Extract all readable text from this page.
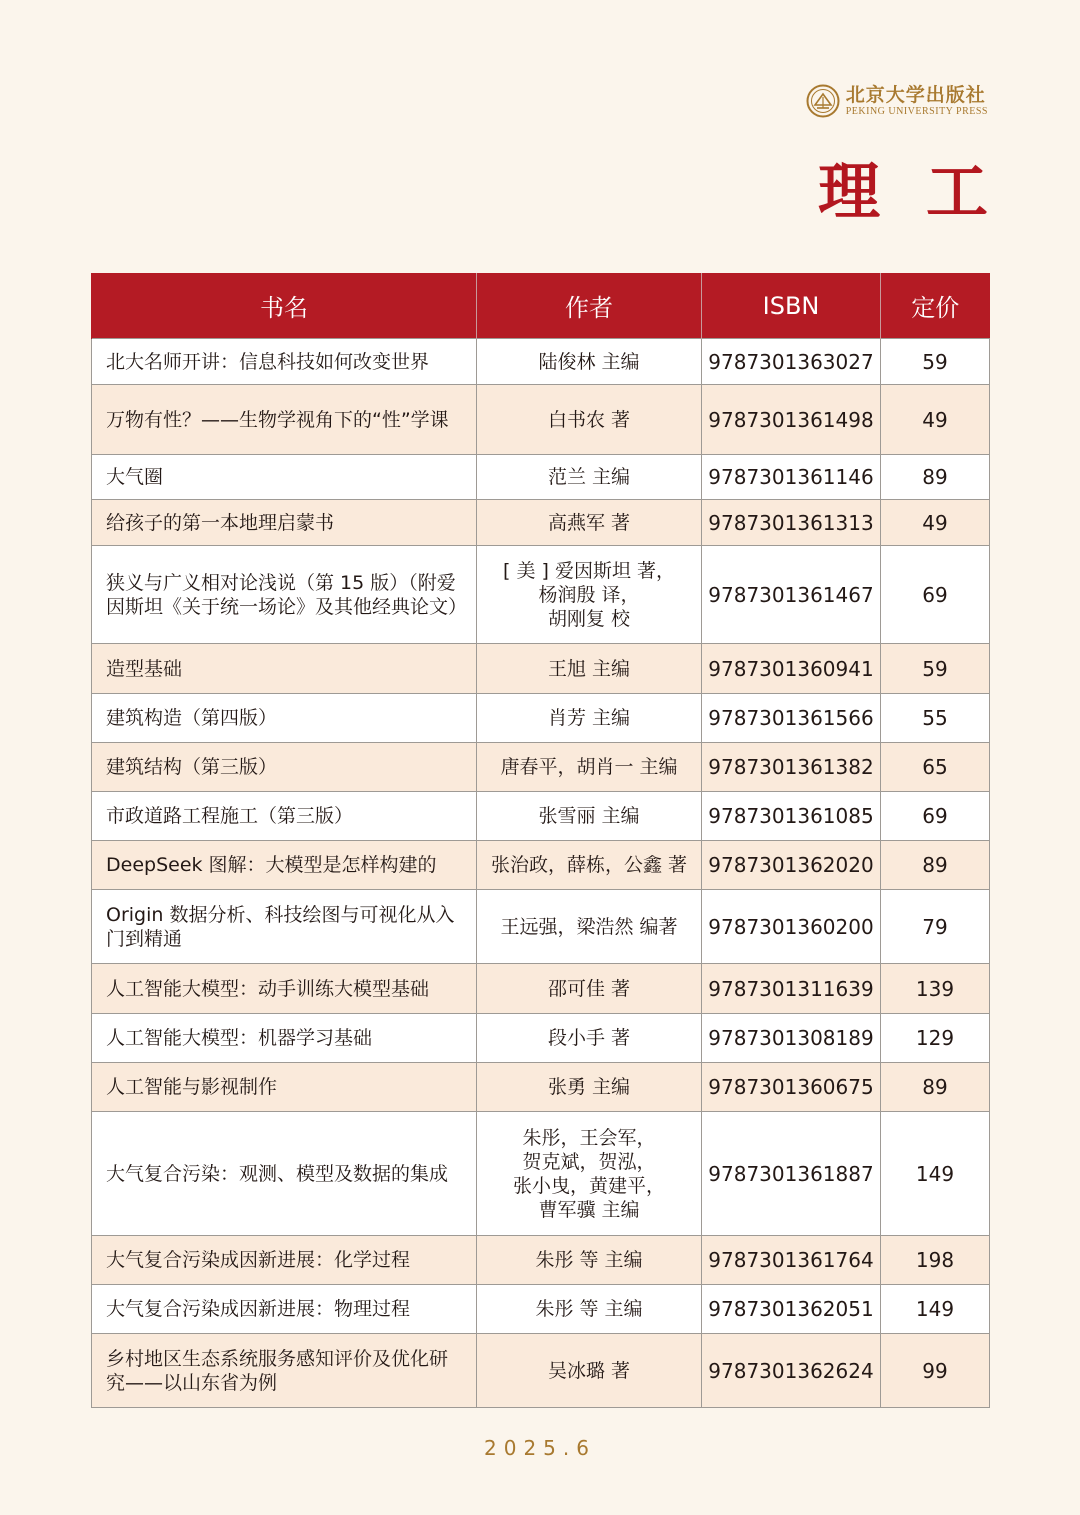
北京大学出版社
PEKING UNIVERSITY PRESS
理工
书名	作者	ISBN	定价
北大名师开讲：信息科技如何改变世界	陆俊林 主编	9787301363027	59
万物有性？——生物学视角下的“性”学课	白书农 著	9787301361498	49
大气圈	范兰 主编	9787301361146	89
给孩子的第一本地理启蒙书	高燕军 著	9787301361313	49
狭义与广义相对论浅说（第 15 版）（附爱因斯坦《关于统一场论》及其他经典论文）	[ 美 ] 爱因斯坦 著，
杨润殷 译，
胡刚复 校	9787301361467	69
造型基础	王旭 主编	9787301360941	59
建筑构造（第四版）	肖芳 主编	9787301361566	55
建筑结构（第三版）	唐春平，胡肖一 主编	9787301361382	65
市政道路工程施工（第三版）	张雪丽 主编	9787301361085	69
DeepSeek 图解：大模型是怎样构建的	张治政，薛栋，公鑫 著	9787301362020	89
Origin 数据分析、科技绘图与可视化从入门到精通	王远强，梁浩然 编著	9787301360200	79
人工智能大模型：动手训练大模型基础	邵可佳 著	9787301311639	139
人工智能大模型：机器学习基础	段小手 著	9787301308189	129
人工智能与影视制作	张勇 主编	9787301360675	89
大气复合污染：观测、模型及数据的集成	朱彤，王会军，
贺克斌，贺泓，
张小曳，黄建平，
曹军骥 主编	9787301361887	149
大气复合污染成因新进展：化学过程	朱彤 等 主编	9787301361764	198
大气复合污染成因新进展：物理过程	朱彤 等 主编	9787301362051	149
乡村地区生态系统服务感知评价及优化研究——以山东省为例	吴冰璐 著	9787301362624	99
2025.6
